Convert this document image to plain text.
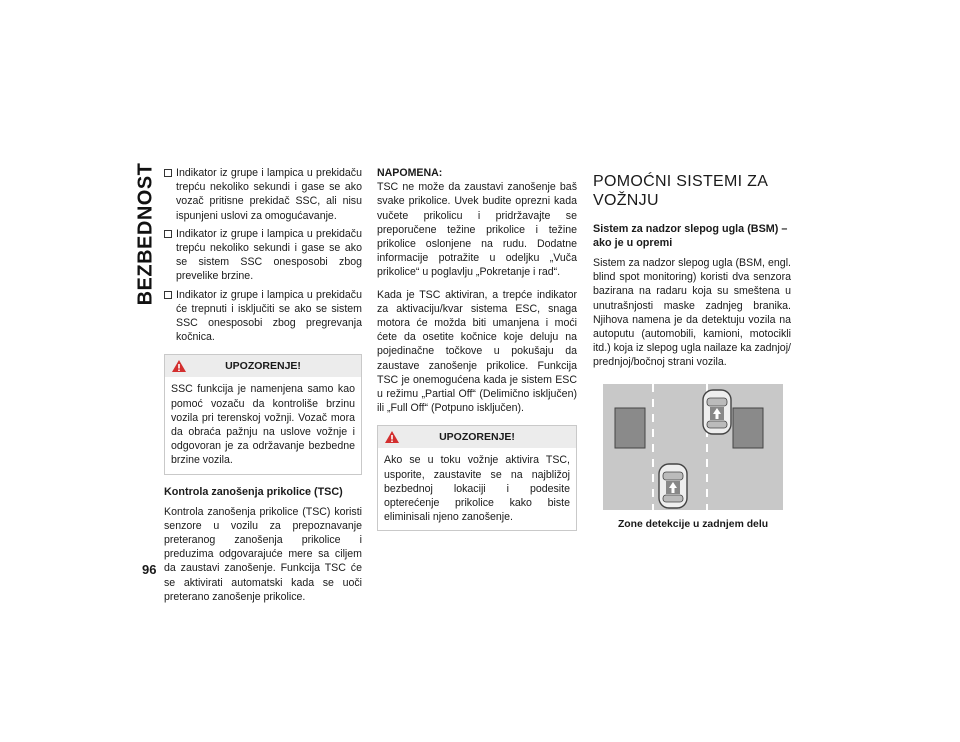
BEZBEDNOST
96
Indikator iz grupe i lampica u prekidaču trepću nekoliko sekundi i gase se ako vozač pritisne prekidač SSC, ali nisu ispunjeni uslovi za omogućavanje.
Indikator iz grupe i lampica u prekidaču trepću nekoliko sekundi i gase se ako se sistem SSC onesposobi zbog prevelike brzine.
Indikator iz grupe i lampica u prekidaču će trepnuti i isključiti se ako se sistem SSC onesposobi zbog pregrevanja kočnica.
UPOZORENJE!
SSC funkcija je namenjena samo kao pomoć vozaču da kontroliše brzinu vozila pri terenskoj vožnji. Vozač mora da obraća pažnju na uslove vožnje i odgovoran je za održavanje bezbedne brzine vozila.
Kontrola zanošenja prikolice (TSC)

Kontrola zanošenja prikolice (TSC) koristi senzore u vozilu za prepoznavanje preteranog zanošenja prikolice i preduzima odgovarajuće mere sa ciljem da zaustavi zanošenje. Funkcija TSC će se aktivirati automatski kada se uoči preterano zanošenje prikolice.

NAPOMENA:
TSC ne može da zaustavi zanošenje baš svake prikolice. Uvek budite oprezni kada vučete prikolicu i pridržavajte se preporučene težine prikolice i težine prikolice oslonjene na rudu. Dodatne informacije potražite u odeljku „Vuča prikolice“ u poglavlju „Pokretanje i rad“.

Kada je TSC aktiviran, a trepće indikator za aktivaciju/kvar sistema ESC, snaga motora će možda biti umanjena i moći ćete da osetite kočnice koje deluju na pojedinačne točkove u pokušaju da zaustave zanošenje prikolice. Funkcija TSC je onemogućena kada je sistem ESC u režimu „Partial Off“ (Delimično isključen) ili „Full Off“ (Potpuno isključen).

UPOZORENJE!
Ako se u toku vožnje aktivira TSC, usporite, zaustavite se na najbližoj bezbednoj lokaciji i podesite opterećenje prikolice kako biste eliminisali njeno zanošenje.
POMOĆNI SISTEMI ZA VOŽNJU
Sistem za nadzor slepog ugla (BSM) – ako je u opremi

Sistem za nadzor slepog ugla (BSM, engl. blind spot monitoring) koristi dva senzora bazirana na radaru koja su smeštena u unutrašnjosti maske zadnjeg branika. Njihova namena je da detektuju vozila na autoputu (automobili, kamioni, motocikli itd.) koja iz slepog ugla nailaze ka zadnjoj/ prednjoj/bočnoj strani vozila.

Zone detekcije u zadnjem delu
